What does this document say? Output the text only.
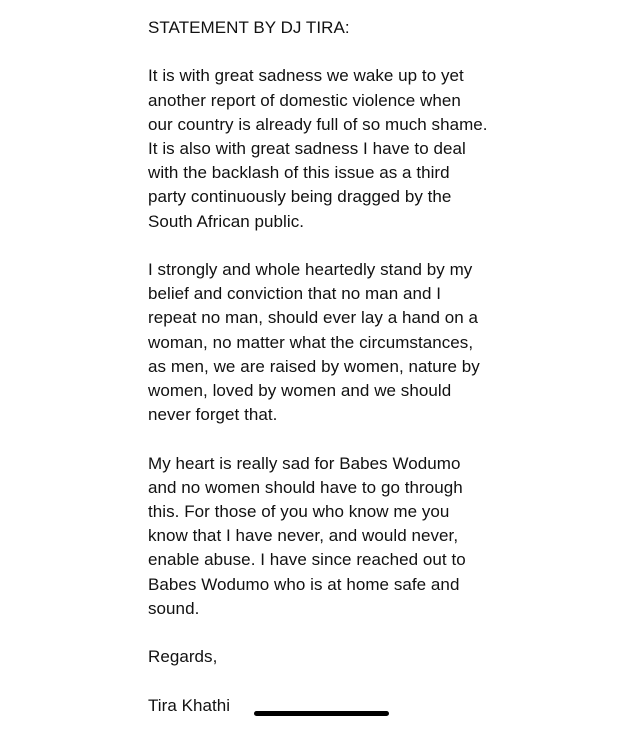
STATEMENT BY DJ TIRA:
It is with great sadness we wake up to yet
another report of domestic violence when
our country is already full of so much shame.
It is also with great sadness I have to deal
with the backlash of this issue as a third
party continuously being dragged by the
South African public.
I strongly and whole heartedly stand by my
belief and conviction that no man and I
repeat no man, should ever lay a hand on a
woman, no matter what the circumstances,
as men, we are raised by women, nature by
women, loved by women and we should
never forget that.
My heart is really sad for Babes Wodumo
and no women should have to go through
this. For those of you who know me you
know that I have never, and would never,
enable abuse. I have since reached out to
Babes Wodumo who is at home safe and
sound.
Regards,
Tira Khathi
